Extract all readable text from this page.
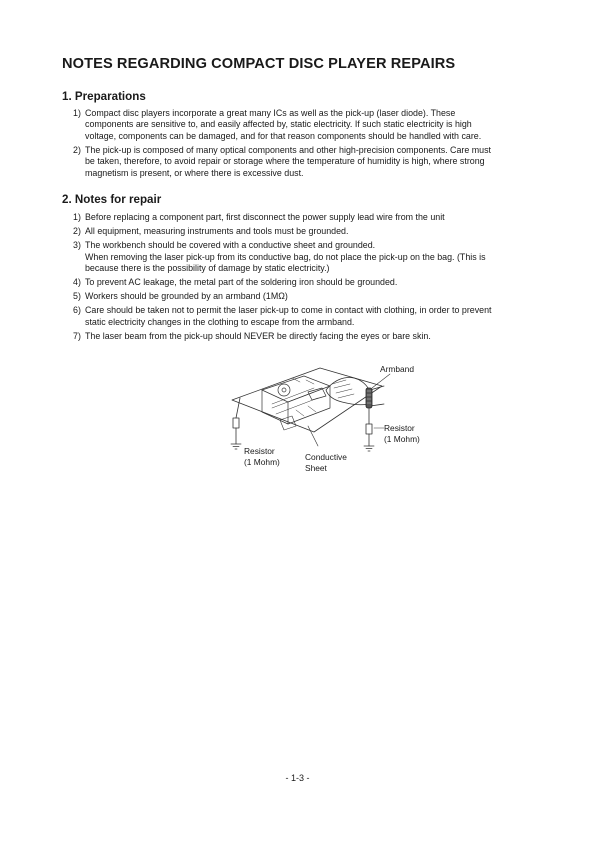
NOTES REGARDING COMPACT DISC PLAYER REPAIRS
1. Preparations
1 ) Compact disc players incorporate a great many ICs as well as the pick-up (laser diode). These
components are sensitive to, and easily affected by, static electricity. If such static electricity is high
voltage, components can be damaged, and for that reason components should be handled with care.
2 ) The pick-up is composed of many optical components and other high-precision components. Care must
be taken, therefore, to avoid repair or storage where the temperature of humidity is high, where strong
magnetism is present, or where there is excessive dust.
2. Notes for repair
1 ) Before replacing a component part, first disconnect the power supply lead wire from the unit
2 ) All equipment, measuring instruments and tools must be grounded.
3 ) The workbench should be covered with a conductive sheet and grounded.
When removing the laser pick-up from its conductive bag, do not place the pick-up on the bag. (This is
because there is the possibility of damage by static electricity.)
4 ) To prevent AC leakage, the metal part of the soldering iron should be grounded.
5 ) Workers should be grounded by an armband (1MΩ)
6 ) Care should be taken not to permit the laser pick-up to come in contact with clothing, in order to prevent
static electricity changes in the clothing to escape from the armband.
7 ) The laser beam from the pick-up should NEVER be directly facing the eyes or bare skin.
Armband
Resistor
(1 Mohm)
Resistor
(1 Mohm)	Conductive
Sheet
- 1-3 -
